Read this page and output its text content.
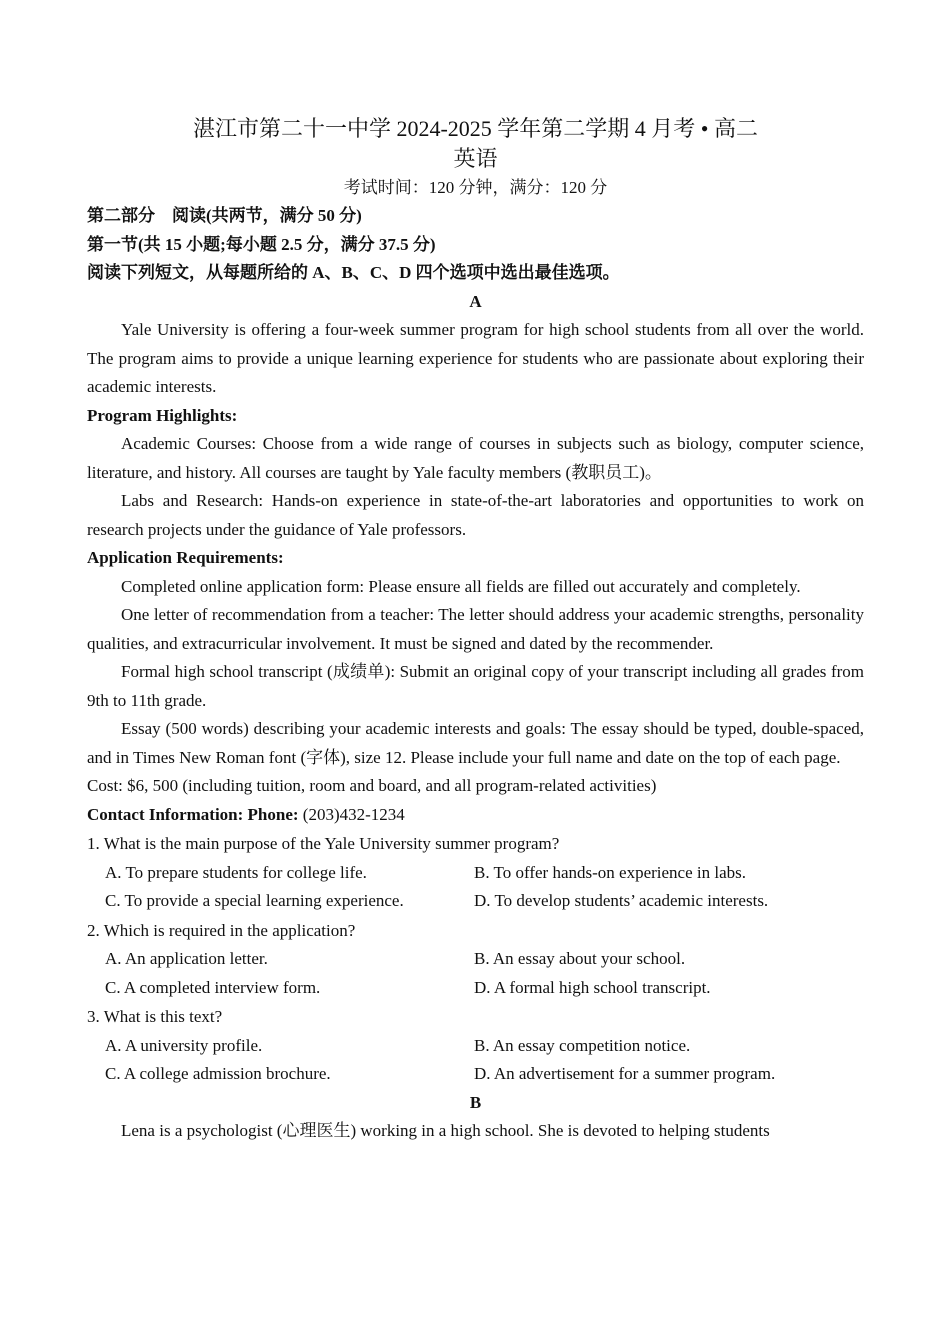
湛江市第二十一中学 2024-2025 学年第二学期 4 月考 • 高二

英语

考试时间：120 分钟，满分：120 分

第二部分　阅读(共两节，满分 50 分)

第一节(共 15 小题;每小题 2.5 分，满分 37.5 分)

阅读下列短文，从每题所给的 A、B、C、D 四个选项中选出最佳选项。

A

Yale University is offering a four-week summer program for high school students from all over the world. The program aims to provide a unique learning experience for students who are passionate about exploring their academic interests.

Program Highlights:

Academic Courses: Choose from a wide range of courses in subjects such as biology, computer science, literature, and history. All courses are taught by Yale faculty members (教职员工)。

Labs and Research: Hands-on experience in state-of-the-art laboratories and opportunities to work on research projects under the guidance of Yale professors.

Application Requirements:

Completed online application form: Please ensure all fields are filled out accurately and completely.

One letter of recommendation from a teacher: The letter should address your academic strengths, personality qualities, and extracurricular involvement. It must be signed and dated by the recommender.

Formal high school transcript (成绩单): Submit an original copy of your transcript including all grades from 9th to 11th grade.

Essay (500 words) describing your academic interests and goals: The essay should be typed, double-spaced, and in Times New Roman font (字体), size 12. Please include your full name and date on the top of each page.

Cost: $6, 500 (including tuition, room and board, and all program-related activities)

Contact Information: Phone: (203)432-1234

1. What is the main purpose of the Yale University summer program?

A. To prepare students for college life.	B. To offer hands-on experience in labs.
C. To provide a special learning experience.	D. To develop students’ academic interests.

2. Which is required in the application?

A. An application letter.	B. An essay about your school.
C. A completed interview form.	D. A formal high school transcript.

3. What is this text?

A. A university profile.	B. An essay competition notice.
C. A college admission brochure.	D. An advertisement for a summer program.

B

Lena is a psychologist (心理医生) working in a high school. She is devoted to helping students
